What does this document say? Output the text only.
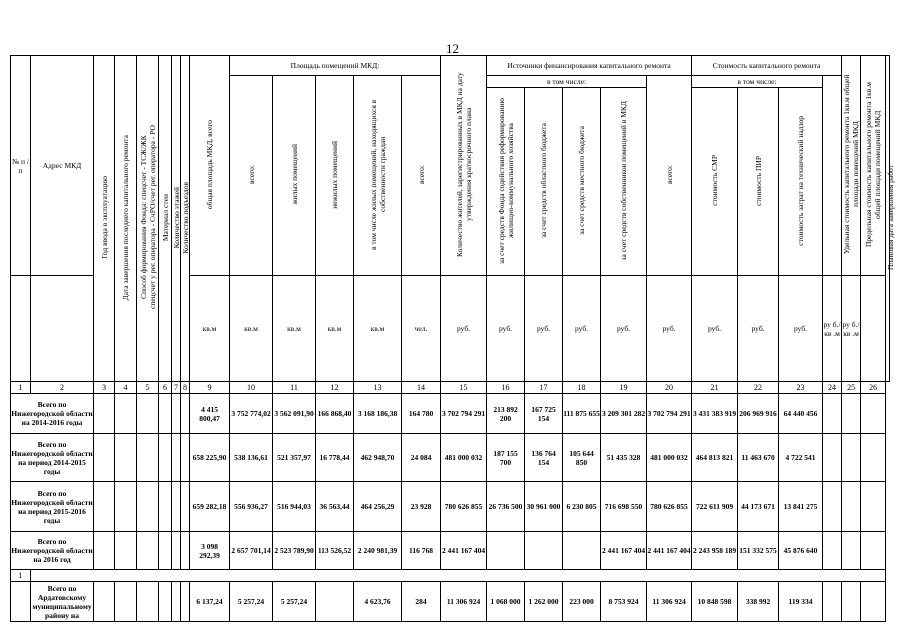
12
№ п / п	Адрес МКД	Год ввода в эксплуатацию	Дата завершения последнего капитального ремонта	Способ формирования Фонда: спецсчет - ТСЖ/ЖК спецсчет у рег. оператора - СчРО/счет рег. оператора - РО	Материал стен	Количество этажей	Количество подъездов	общая площадь МКД, всего	Площадь помещений МКД:					Количество жителей, зарегистрированных в МКД на дату утверждения краткосрочного плана	Источники финансирования капитального ремонта					Стоимость капитального ремонта				Удельная стоимость капитального ремонта 1кв.м общей площади помещений МКД	Предельная стоимость капитального ремонта 1кв.м общей площади помещений МКД	Плановая дата завершения работ
									всего:	жилых помещений	нежилых помещений	в том числе жилых помещений, находящихся в собственности граждан	всего:		в том числе:				всего:	в том числе:						
															за счет средств Фонда содействия реформированию жилищно-коммунального хозяйства	за счет средств областного бюджета	за счет средств местного бюджета	за счет средств собственников помещений в МКД		стоимость СМР	стоимость ПИР	стоимость затрат на технический надзор				
								кв.м	кв.м	кв.м	кв.м	кв.м	чел.	руб.	руб.	руб.	руб.	руб.	руб.	руб.	руб.	руб.	ру б./ кв .м	ру б./ кв .м		
1	2	3	4	5	6	7	8	9	10	11	12	13	14	15	16	17	18	19	20	21	22	23	24	25	26	
Всего по Нижегородской области на 2014-2016 годы								4 415 800,47	3 752 774,02	3 562 091,90	166 868,40	3 168 186,38	164 780	3 702 794 291	213 892 200	167 725 154	111 875 655	3 209 301 282	3 702 794 291	3 431 383 919	206 969 916	64 440 456				
Всего по Нижегородской области на период 2014-2015 годы								658 225,90	538 136,61	521 357,97	16 778,44	462 948,70	24 084	481 000 032	187 155 700	136 764 154	105 644 850	51 435 328	481 000 032	464 813 821	11 463 670	4 722 541				
Всего по Нижегородской области на период 2015-2016 годы								659 282,18	556 936,27	516 944,03	36 563,44	464 256,29	23 928	780 626 855	26 736 500	30 961 000	6 230 805	716 698 550	780 626 855	722 611 909	44 173 671	13 841 275				
Всего по Нижегородской области на 2016 год								3 098 292,39	2 657 701,14	2 523 789,90	113 526,52	2 240 981,39	116 768	2 441 167 404				2 441 167 404	2 441 167 404	2 243 958 189	151 332 575	45 876 640				
1																										
	Всего по Ардатовскому муниципальному району на							6 137,24	5 257,24	5 257,24		4 623,76	284	11 306 924	1 068 000	1 262 000	223 000	8 753 924	11 306 924	10 848 598	338 992	119 334				
